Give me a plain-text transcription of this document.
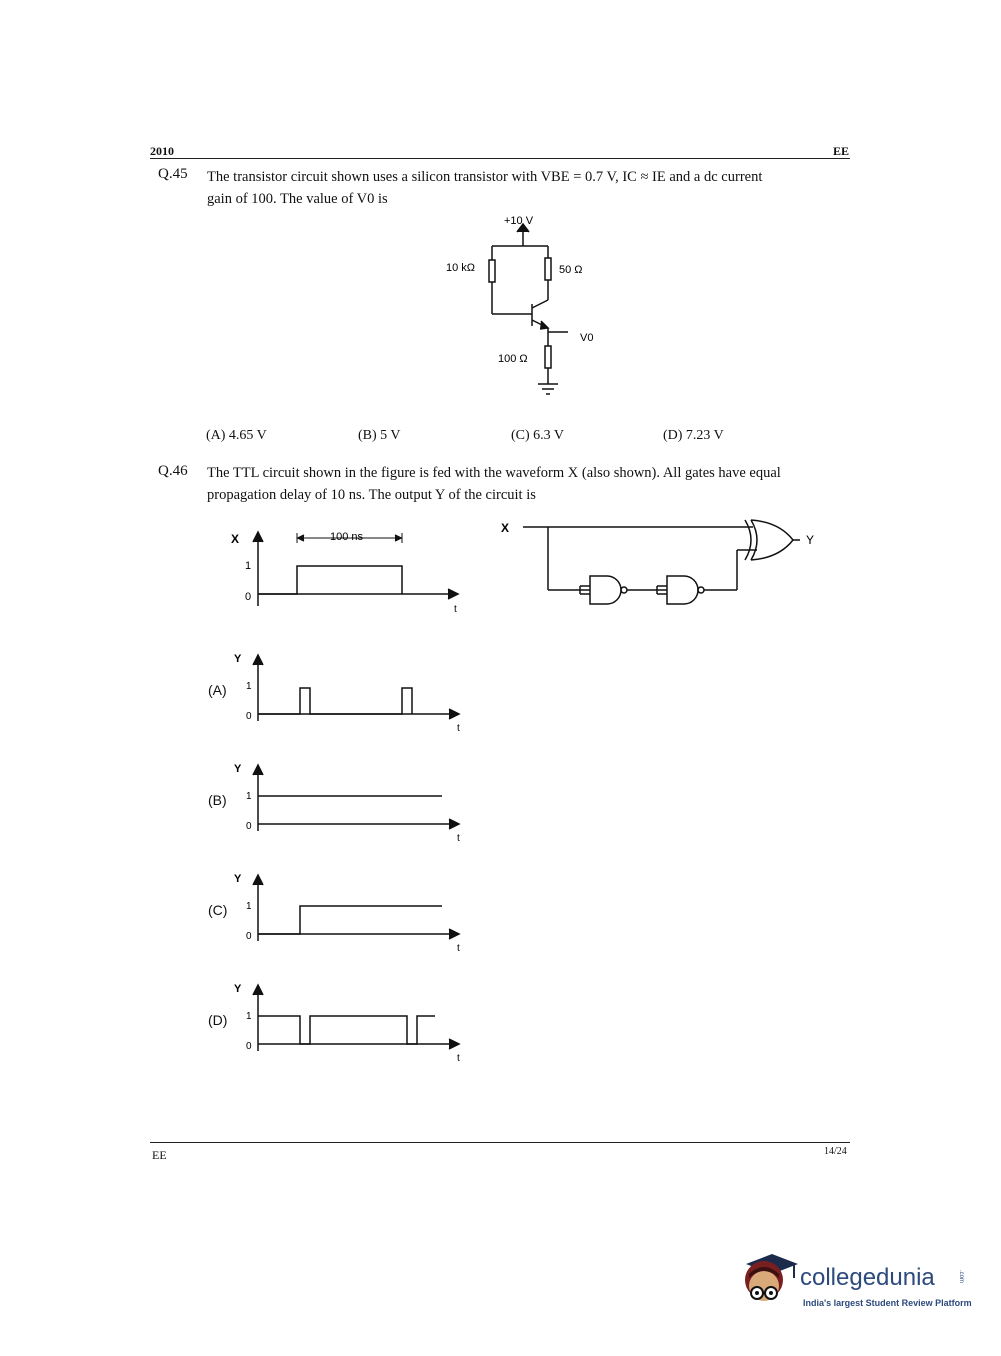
2010	EE
Q.45 The transistor circuit shown uses a silicon transistor with VBE = 0.7 V, IC ≈ IE and a dc current
gain of 100. The value of V0 is
+10 V
10 kΩ	50 Ω
100 Ω
V0
(A) 4.65 V	(B) 5 V	(C) 6.3 V	(D) 7.23 V
Q.46 The TTL circuit shown in the figure is fed with the waveform X (also shown). All gates have equal
propagation delay of 10 ns. The output Y of the circuit is
X
1
0
t
100 ns
X
Y
(A)
Y
1
0
t
(B)
Y
1
0
t
(C)
Y
1
0
t
(D)
Y
1
0
t
EE	14/24
collegedunia	.com
India's largest Student Review Platform
